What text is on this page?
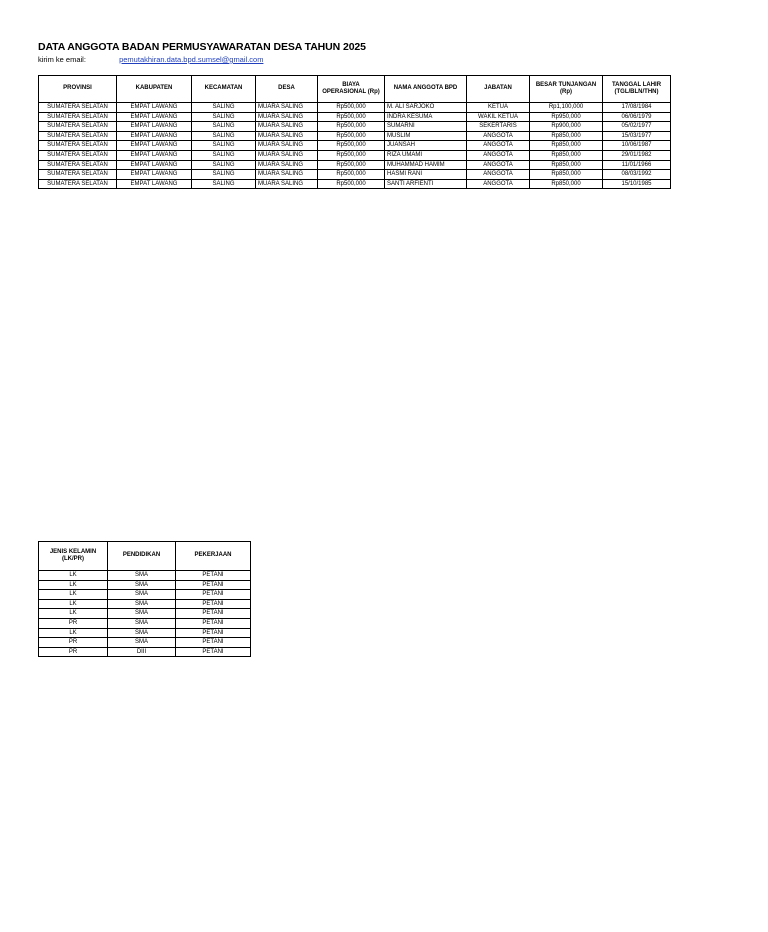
DATA ANGGOTA BADAN PERMUSYAWARATAN DESA TAHUN 2025
kirim ke email:	pemutakhiran.data.bpd.sumsel@gmail.com
PROVINSI	KABUPATEN	KECAMATAN	DESA	BIAYA OPERASIONAL (Rp)	NAMA ANGGOTA BPD	JABATAN	BESAR TUNJANGAN (Rp)	TANGGAL LAHIR (TGL/BLN/THN)
SUMATERA SELATAN	EMPAT LAWANG	SALING	MUARA SALING	Rp500,000	M. ALI SARJOKO	KETUA	Rp1,100,000	17/08/1984
SUMATERA SELATAN	EMPAT LAWANG	SALING	MUARA SALING	Rp500,000	INDRA KESUMA	WAKIL KETUA	Rp950,000	06/06/1979
SUMATERA SELATAN	EMPAT LAWANG	SALING	MUARA SALING	Rp500,000	SUMARNI	SEKERTARIS	Rp900,000	05/02/1977
SUMATERA SELATAN	EMPAT LAWANG	SALING	MUARA SALING	Rp500,000	MUSLIM	ANGGOTA	Rp850,000	15/03/1977
SUMATERA SELATAN	EMPAT LAWANG	SALING	MUARA SALING	Rp500,000	JUANSAH	ANGGOTA	Rp850,000	10/06/1987
SUMATERA SELATAN	EMPAT LAWANG	SALING	MUARA SALING	Rp500,000	RIZA UMAMI	ANGGOTA	Rp850,000	29/01/1982
SUMATERA SELATAN	EMPAT LAWANG	SALING	MUARA SALING	Rp500,000	MUHAMMAD HAMIM	ANGGOTA	Rp850,000	11/01/1966
SUMATERA SELATAN	EMPAT LAWANG	SALING	MUARA SALING	Rp500,000	HASMI RANI	ANGGOTA	Rp850,000	08/03/1992
SUMATERA SELATAN	EMPAT LAWANG	SALING	MUARA SALING	Rp500,000	SANTI ARFIENTI	ANGGOTA	Rp850,000	15/10/1985
JENIS KELAMIN (LK/PR)	PENDIDIKAN	PEKERJAAN
LK	SMA	PETANI
LK	SMA	PETANI
LK	SMA	PETANI
LK	SMA	PETANI
LK	SMA	PETANI
PR	SMA	PETANI
LK	SMA	PETANI
PR	SMA	PETANI
PR	DIII	PETANI
